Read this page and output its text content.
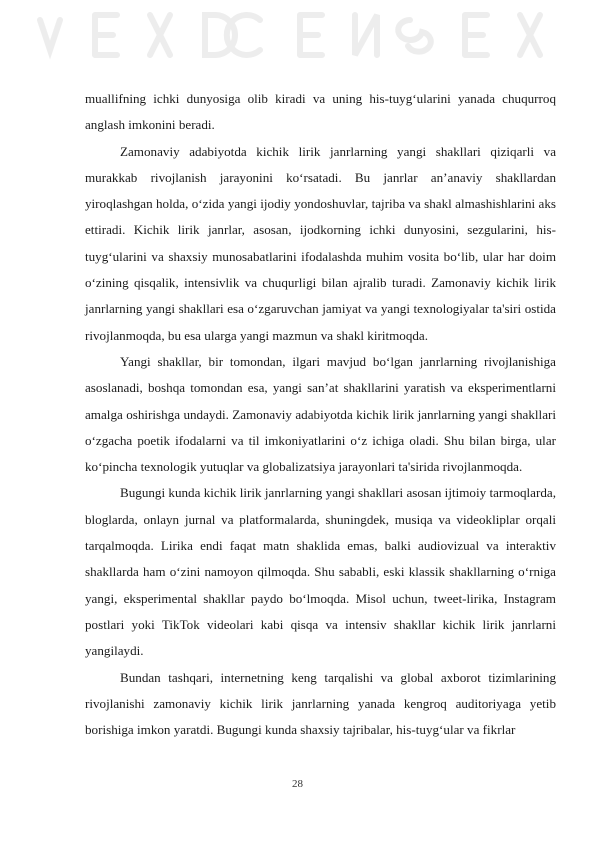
muallifning ichki dunyosiga olib kiradi va uning his-tuyg‘ularini yanada chuqurroq anglash imkonini beradi.

Zamonaviy adabiyotda kichik lirik janrlarning yangi shakllari qiziqarli va murakkab rivojlanish jarayonini ko‘rsatadi. Bu janrlar an’anaviy shakllardan yiroqlashgan holda, o‘zida yangi ijodiy yondoshuvlar, tajriba va shakl almashishlarini aks ettiradi. Kichik lirik janrlar, asosan, ijodkorning ichki dunyosini, sezgularini, his-tuyg‘ularini va shaxsiy munosabatlarini ifodalashda muhim vosita bo‘lib, ular har doim o‘zining qisqalik, intensivlik va chuqurligi bilan ajralib turadi. Zamonaviy kichik lirik janrlarning yangi shakllari esa o‘zgaruvchan jamiyat va yangi texnologiyalar ta'siri ostida rivojlanmoqda, bu esa ularga yangi mazmun va shakl kiritmoqda.

Yangi shakllar, bir tomondan, ilgari mavjud bo‘lgan janrlarning rivojlanishiga asoslanadi, boshqa tomondan esa, yangi san’at shakllarini yaratish va eksperimentlarni amalga oshirishga undaydi. Zamonaviy adabiyotda kichik lirik janrlarning yangi shakllari o‘zgacha poetik ifodalarni va til imkoniyatlarini o‘z ichiga oladi. Shu bilan birga, ular ko‘pincha texnologik yutuqlar va globalizatsiya jarayonlari ta'sirida rivojlanmoqda.

Bugungi kunda kichik lirik janrlarning yangi shakllari asosan ijtimoiy tarmoqlarda, bloglarda, onlayn jurnal va platformalarda, shuningdek, musiqa va videokliplar orqali tarqalmoqda. Lirika endi faqat matn shaklida emas, balki audiovizual va interaktiv shakllarda ham o‘zini namoyon qilmoqda. Shu sababli, eski klassik shakllarning o‘rniga yangi, eksperimental shakllar paydo bo‘lmoqda. Misol uchun, tweet-lirika, Instagram postlari yoki TikTok videolari kabi qisqa va intensiv shakllar kichik lirik janrlarni yangilaydi.

Bundan tashqari, internetning keng tarqalishi va global axborot tizimlarining rivojlanishi zamonaviy kichik lirik janrlarning yanada kengroq auditoriyaga yetib borishiga imkon yaratdi. Bugungi kunda shaxsiy tajribalar, his-tuyg‘ular va fikrlar

28
